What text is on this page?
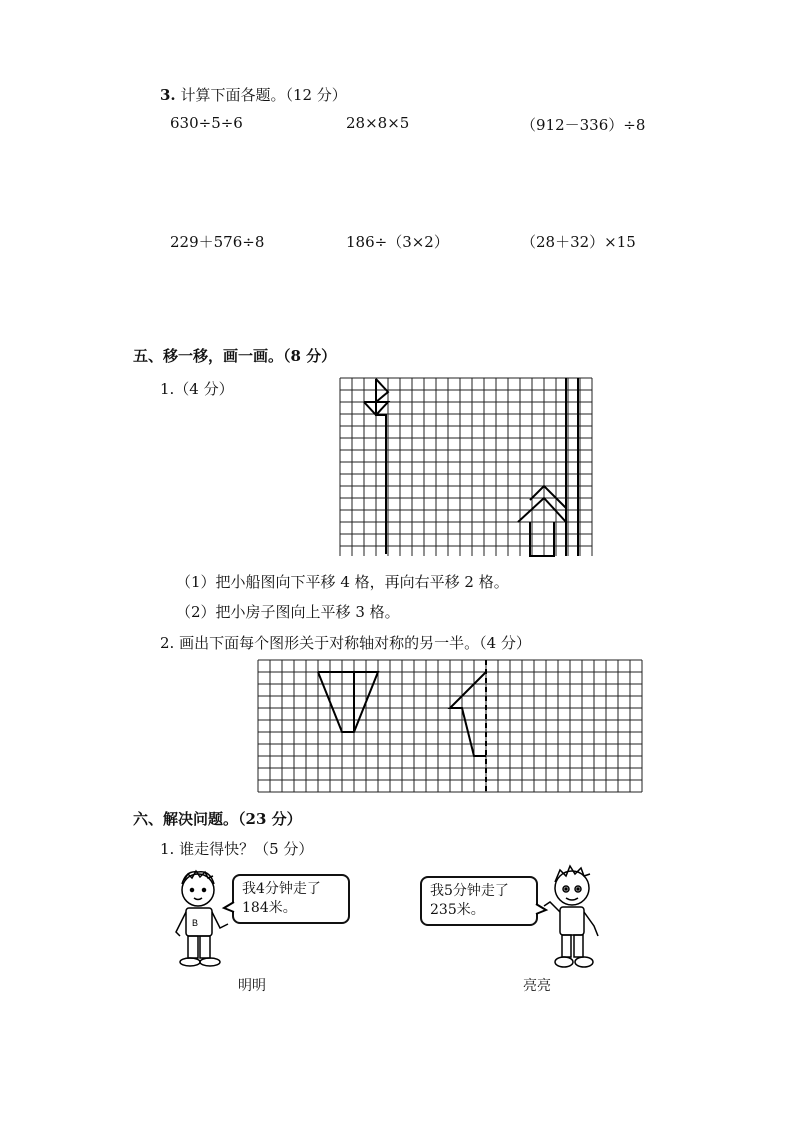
3. 计算下面各题。（12 分）
630÷5÷6	28×8×5	（912－336）÷8
229＋576÷8	186÷（3×2）	（28＋32）×15
五、移一移，画一画。（8 分）
1.（4 分）
（1）把小船图向下平移 4 格，再向右平移 2 格。
（2）把小房子图向上平移 3 格。
2. 画出下面每个图形关于对称轴对称的另一半。（4 分）
六、解决问题。（23 分）
1. 谁走得快？（5 分）
B
我4分钟走了
184米。
明明
我5分钟走了
235米。
亮亮
